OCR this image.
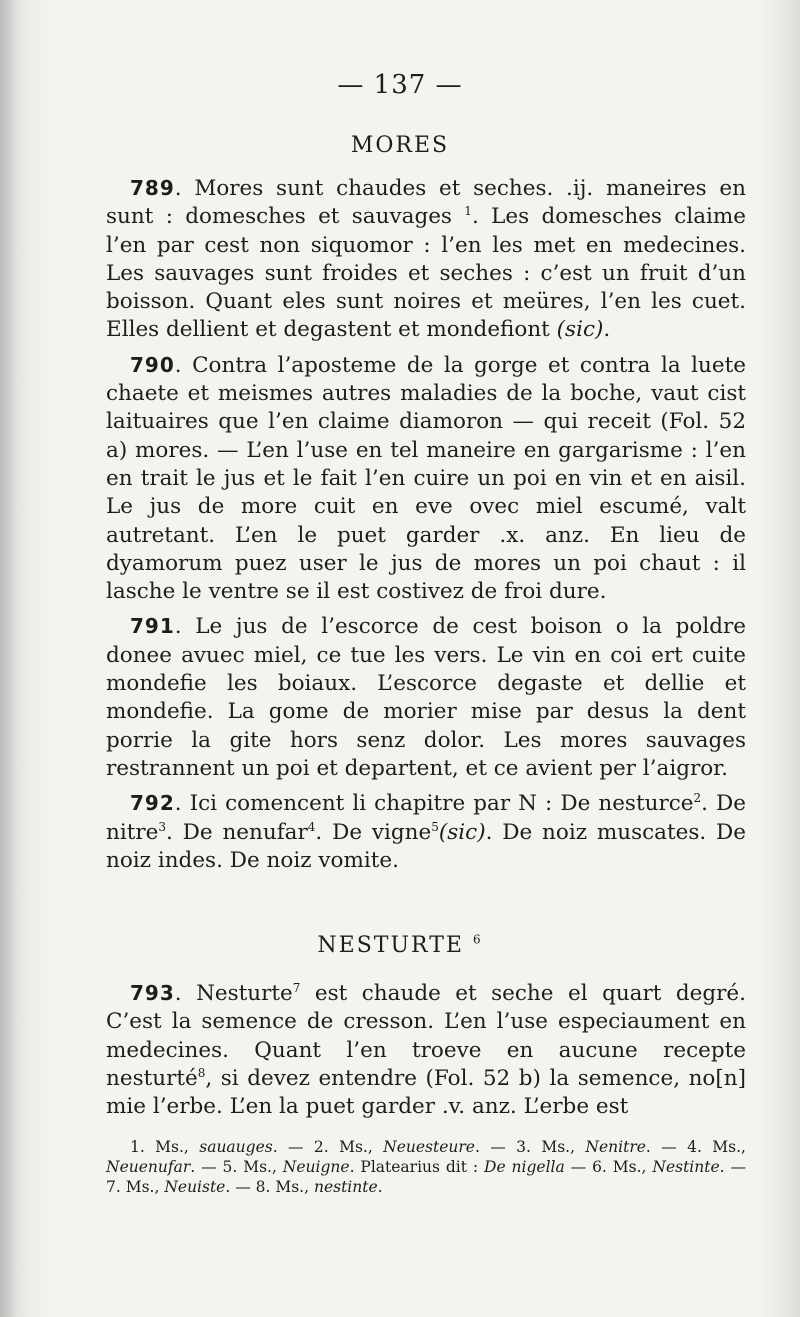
— 137 —
MORES

789. Mores sunt chaudes et seches. .ij. maneires en sunt : domesches et sauvages $^1$. Les domesches claime l’en par cest non siquomor : l’en les met en medecines. Les sauvages sunt froides et seches : c’est un fruit d’un boisson. Quant eles sunt noires et meüres, l’en les cuet. Elles dellient et degastent et mondefiont (sic).

790. Contra l’aposteme de la gorge et contra la luete chaete et meismes autres maladies de la boche, vaut cist laituaires que l’en claime diamoron — qui receit (Fol. 52 a) mores. — L’en l’use en tel maneire en gargarisme : l’en en trait le jus et le fait l’en cuire un poi en vin et en aisil. Le jus de more cuit en eve ovec miel escumé, valt autretant. L’en le puet garder .x. anz. En lieu de dyamorum puez user le jus de mores un poi chaut : il lasche le ventre se il est costivez de froi dure.

791. Le jus de l’escorce de cest boison o la poldre donee avuec miel, ce tue les vers. Le vin en coi ert cuite mondefie les boiaux. L’escorce degaste et dellie et mondefie. La gome de morier mise par desus la dent porrie la gite hors senz dolor. Les mores sauvages restrannent un poi et departent, et ce avient per l’aigror.

792. Ici comencent li chapitre par N : De nesturce$^2$. De nitre$^3$. De nenufar$^4$. De vigne$^5$(sic). De noiz muscates. De noiz indes. De noiz vomite.

NESTURTE $^6$

793. Nesturte$^7$ est chaude et seche el quart degré. C’est la semence de cresson. L’en l’use especiaument en medecines. Quant l’en troeve en aucune recepte nesturté$^8$, si devez entendre (Fol. 52 b) la semence, no[n] mie l’erbe. L’en la puet garder .v. anz. L’erbe est

1. Ms., sauauges. — 2. Ms., Neuesteure. — 3. Ms., Nenitre. — 4. Ms., Neuenufar. — 5. Ms., Neuigne. Platearius dit : De nigella — 6. Ms., Nestinte. — 7. Ms., Neuiste. — 8. Ms., nestinte.
